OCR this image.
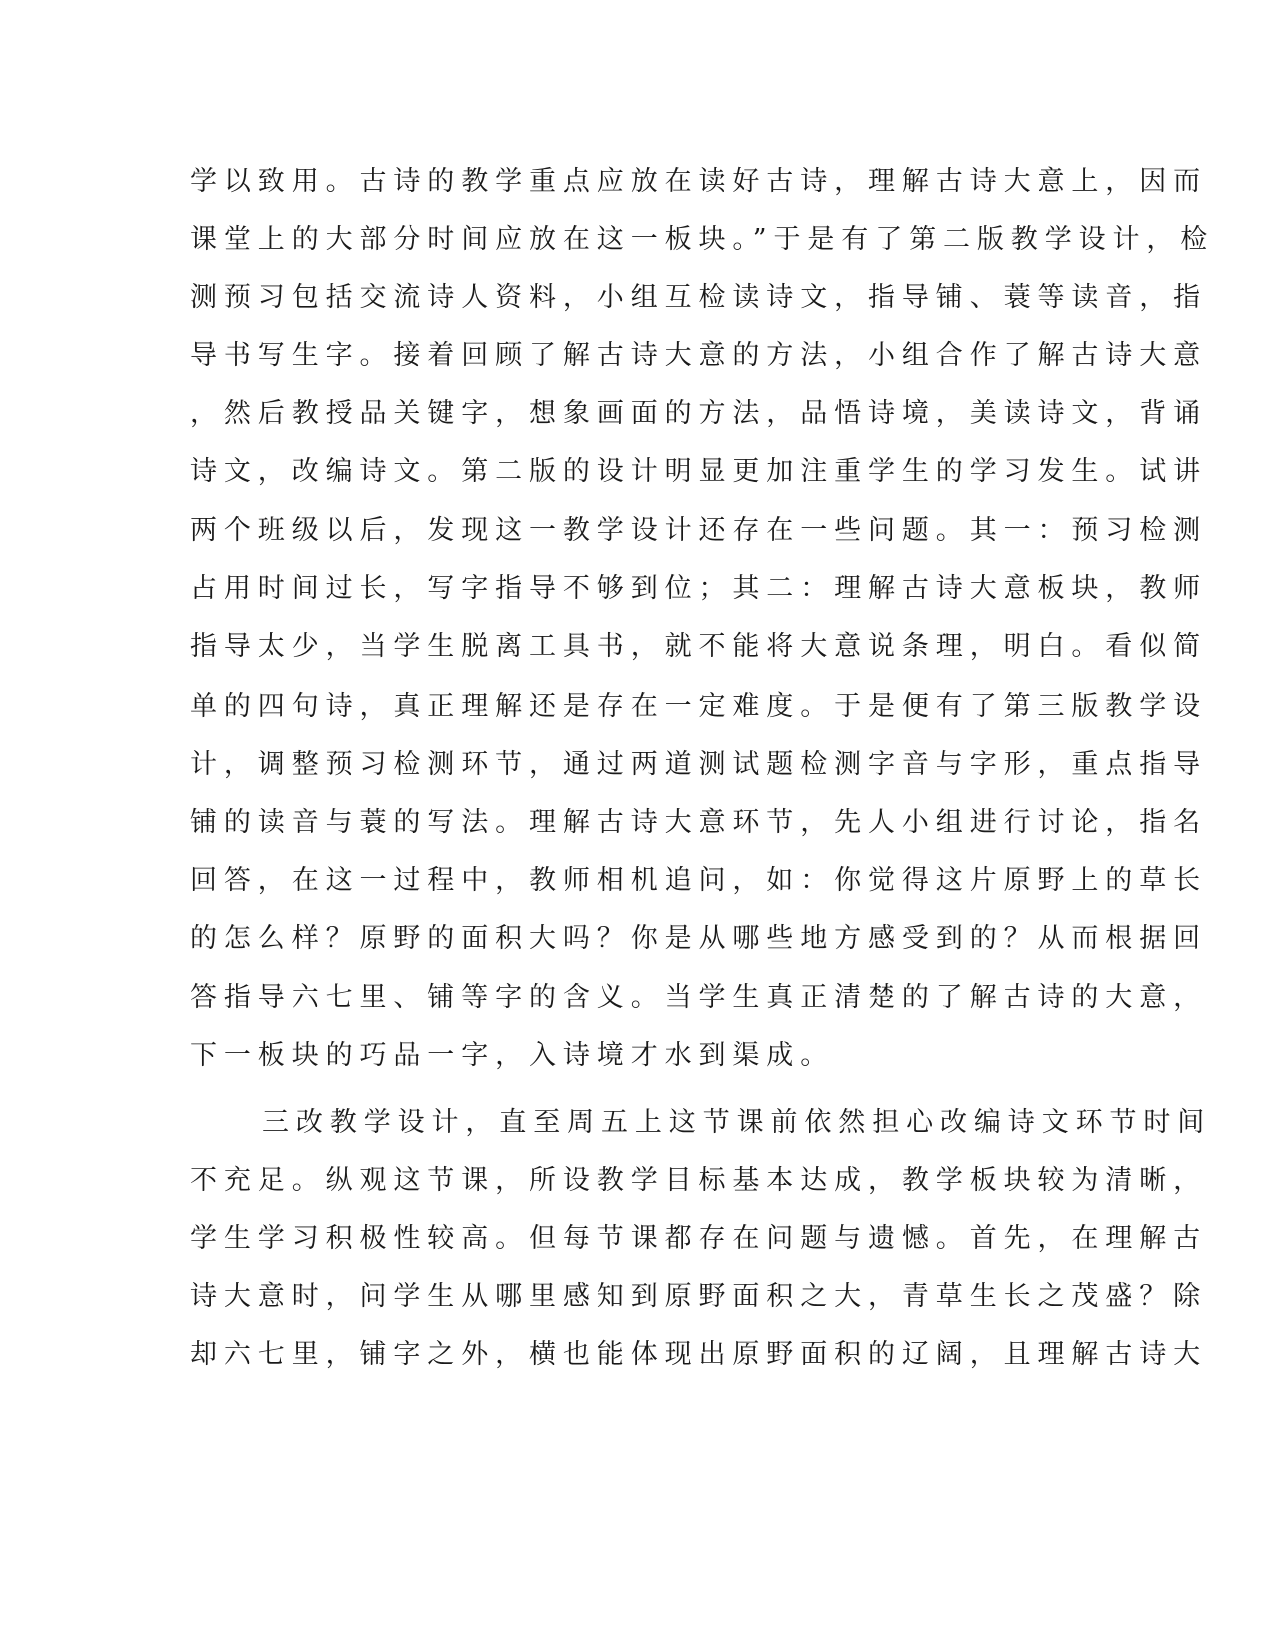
学以致用。古诗的教学重点应放在读好古诗，理解古诗大意上，因而
课堂上的大部分时间应放在这一板块。”于是有了第二版教学设计，检
测预习包括交流诗人资料，小组互检读诗文，指导铺、蓑等读音，指
导书写生字。接着回顾了解古诗大意的方法，小组合作了解古诗大意
，然后教授品关键字，想象画面的方法，品悟诗境，美读诗文，背诵
诗文，改编诗文。第二版的设计明显更加注重学生的学习发生。试讲
两个班级以后，发现这一教学设计还存在一些问题。其一：预习检测
占用时间过长，写字指导不够到位；其二：理解古诗大意板块，教师
指导太少，当学生脱离工具书，就不能将大意说条理，明白。看似简
单的四句诗，真正理解还是存在一定难度。于是便有了第三版教学设
计，调整预习检测环节，通过两道测试题检测字音与字形，重点指导
铺的读音与蓑的写法。理解古诗大意环节，先人小组进行讨论，指名
回答，在这一过程中，教师相机追问，如：你觉得这片原野上的草长
的怎么样？原野的面积大吗？你是从哪些地方感受到的？从而根据回
答指导六七里、铺等字的含义。当学生真正清楚的了解古诗的大意，
下一板块的巧品一字，入诗境才水到渠成。
三改教学设计，直至周五上这节课前依然担心改编诗文环节时间
不充足。纵观这节课，所设教学目标基本达成，教学板块较为清晰，
学生学习积极性较高。但每节课都存在问题与遗憾。首先，在理解古
诗大意时，问学生从哪里感知到原野面积之大，青草生长之茂盛？除
却六七里，铺字之外，横也能体现出原野面积的辽阔，且理解古诗大
